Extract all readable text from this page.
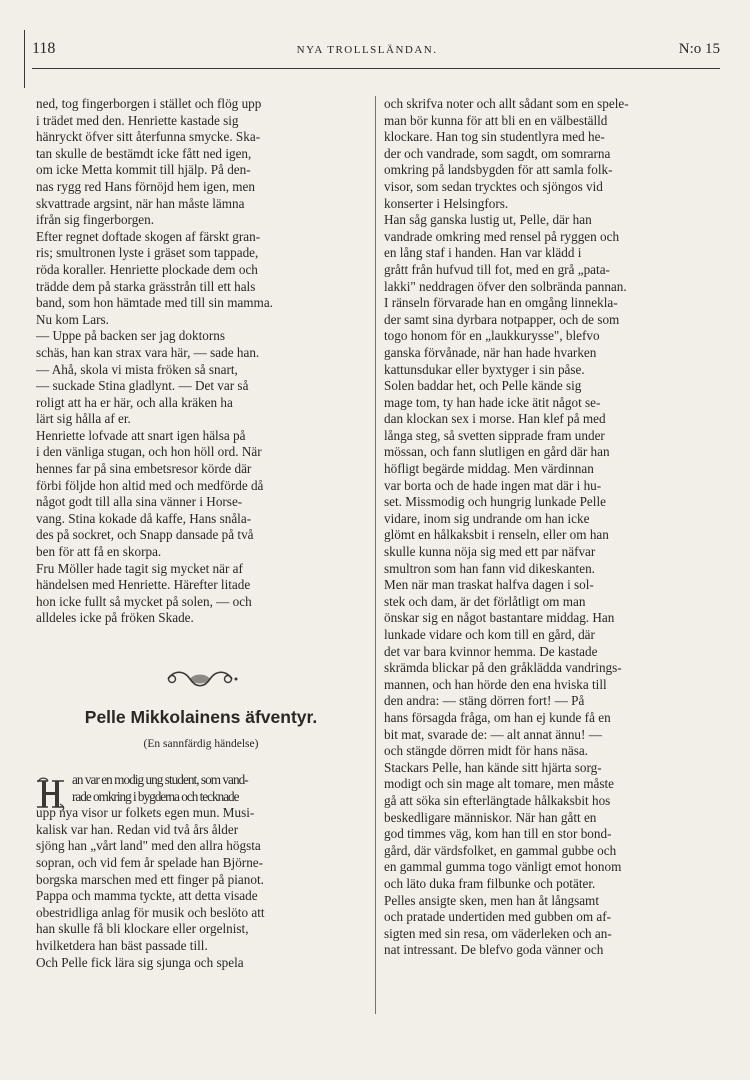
118	NYA TROLLSLÄNDAN.	N:o 15
ned, tog fingerborgen i stället och flög upp
i trädet med den. Henriette kastade sig
hänryckt öfver sitt återfunna smycke. Ska-
tan skulle de bestämdt icke fått ned igen,
om icke Metta kommit till hjälp. På den-
nas rygg red Hans förnöjd hem igen, men
skvattrade argsint, när han måste lämna
ifrån sig fingerborgen.
Efter regnet doftade skogen af färskt gran-
ris; smultronen lyste i gräset som tappade,
röda koraller. Henriette plockade dem och
trädde dem på starka grässtrån till ett hals
band, som hon hämtade med till sin mamma.
Nu kom Lars.
— Uppe på backen ser jag doktorns
schäs, han kan strax vara här, — sade han.
— Ahå, skola vi mista fröken så snart,
— suckade Stina gladlynt. — Det var så
roligt att ha er här, och alla kräken ha
lärt sig hålla af er.
Henriette lofvade att snart igen hälsa på
i den vänliga stugan, och hon höll ord. När
hennes far på sina embetsresor körde där
förbi följde hon altid med och medförde då
något godt till alla sina vänner i Horse-
vang. Stina kokade då kaffe, Hans snåla-
des på sockret, och Snapp dansade på två
ben för att få en skorpa.
Fru Möller hade tagit sig mycket när af
händelsen med Henriette. Härefter litade
hon icke fullt så mycket på solen, — och
alldeles icke på fröken Skade.
Pelle Mikkolainens äfventyr.
(En sannfärdig händelse)
an var en modig ung student, som vand-
rade omkring i bygderna och tecknade
upp nya visor ur folkets egen mun. Musi-
kalisk var han. Redan vid två års ålder
sjöng han „vårt land" med den allra högsta
sopran, och vid fem år spelade han Björne-
borgska marschen med ett finger på pianot.
Pappa och mamma tyckte, att detta visade
obestridliga anlag för musik och beslöto att
han skulle få bli klockare eller orgelnist,
hvilketdera han bäst passade till.
Och Pelle fick lära sig sjunga och spela
och skrifva noter och allt sådant som en spele-
man bör kunna för att bli en en välbeställd
klockare. Han tog sin studentlyra med he-
der och vandrade, som sagdt, om somrarna
omkring på landsbygden för att samla folk-
visor, som sedan trycktes och sjöngos vid
konserter i Helsingfors.
Han såg ganska lustig ut, Pelle, där han
vandrade omkring med rensel på ryggen och
en lång staf i handen. Han var klädd i
grått från hufvud till fot, med en grå „pata-
lakki" neddragen öfver den solbrända pannan.
I ränseln förvarade han en omgång linnekla-
der samt sina dyrbara notpapper, och de som
togo honom för en „laukkurysse", blefvo
ganska förvånade, när han hade hvarken
kattunsdukar eller byxtyger i sin påse.
Solen baddar het, och Pelle kände sig
mage tom, ty han hade icke ätit något se-
dan klockan sex i morse. Han klef på med
långa steg, så svetten sipprade fram under
mössan, och fann slutligen en gård där han
höfligt begärde middag. Men värdinnan
var borta och de hade ingen mat där i hu-
set. Missmodig och hungrig lunkade Pelle
vidare, inom sig undrande om han icke
glömt en hålkaksbit i renseln, eller om han
skulle kunna nöja sig med ett par näfvar
smultron som han fann vid dikeskanten.
Men när man traskat halfva dagen i sol-
stek och dam, är det förlåtligt om man
önskar sig en något bastantare middag. Han
lunkade vidare och kom till en gård, där
det var bara kvinnor hemma. De kastade
skrämda blickar på den gråklädda vandrings-
mannen, och han hörde den ena hviska till
den andra: — stäng dörren fort! — På
hans försagda fråga, om han ej kunde få en
bit mat, svarade de: — alt annat ännu! —
och stängde dörren midt för hans näsa.
Stackars Pelle, han kände sitt hjärta sorg-
modigt och sin mage alt tomare, men måste
gå att söka sin efterlängtade hålkaksbit hos
beskedligare människor. När han gått en
god timmes väg, kom han till en stor bond-
gård, där värdsfolket, en gammal gubbe och
en gammal gumma togo vänligt emot honom
och läto duka fram filbunke och potäter.
Pelles ansigte sken, men han åt långsamt
och pratade undertiden med gubben om af-
sigten med sin resa, om väderleken och an-
nat intressant. De blefvo goda vänner och
